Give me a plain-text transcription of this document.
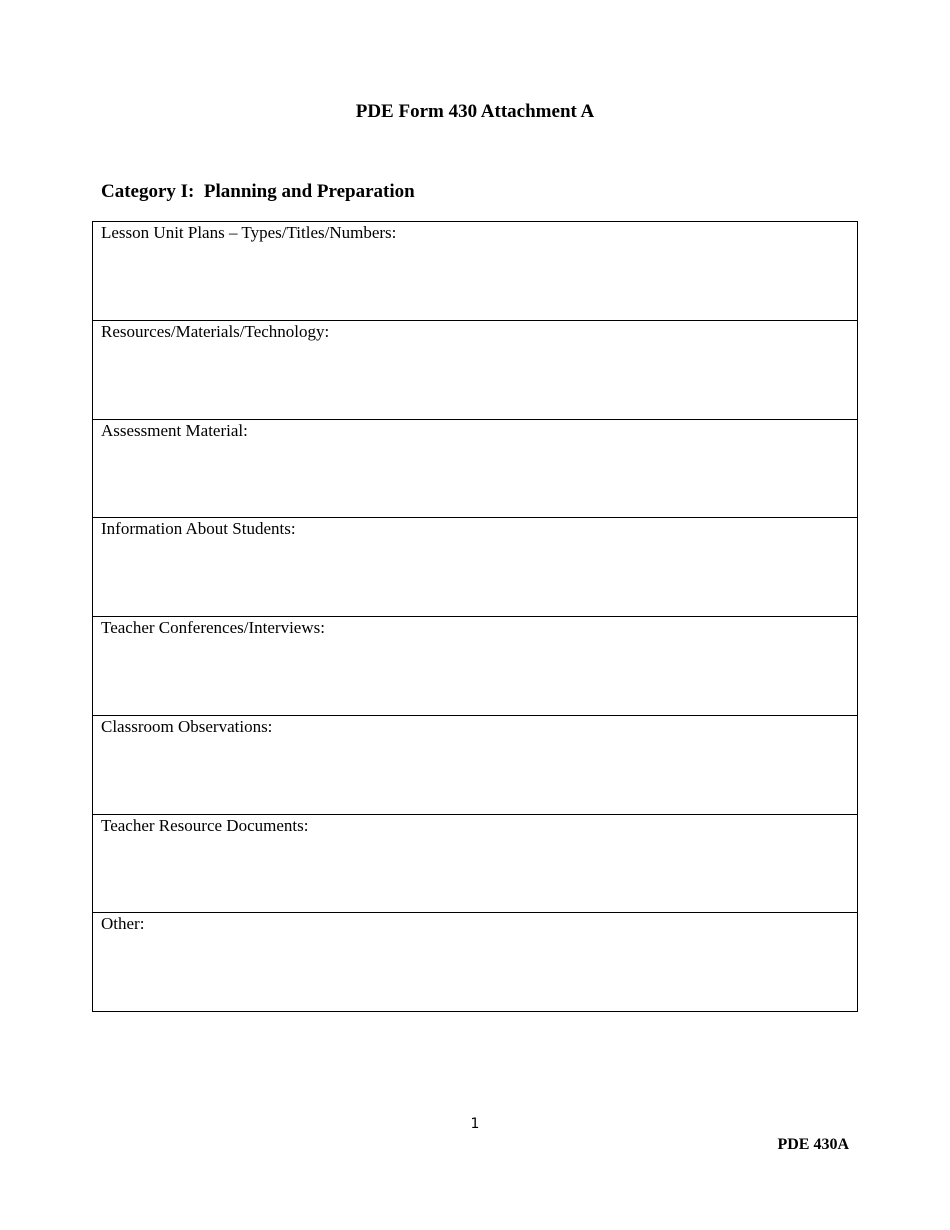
PDE Form 430 Attachment A
Category I:  Planning and Preparation
Lesson Unit Plans – Types/Titles/Numbers:
Resources/Materials/Technology:
Assessment Material:
Information About Students:
Teacher Conferences/Interviews:
Classroom Observations:
Teacher Resource Documents:
Other:
1
PDE 430A
